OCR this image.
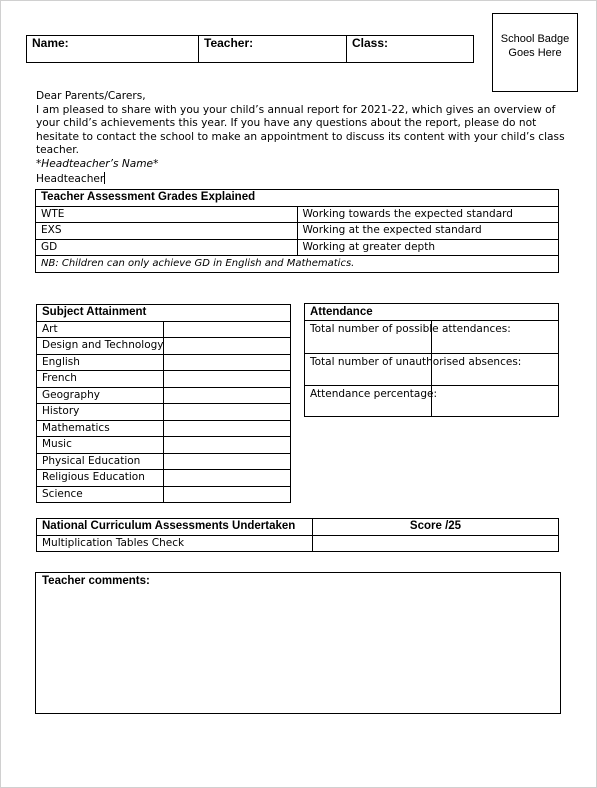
Name:	Teacher:	Class:	School Badge
Goes Here

Dear Parents/Carers,

I am pleased to share with you your child’s annual report for 2021-22, which gives an overview of your child’s achievements this year. If you have any questions about the report, please do not hesitate to contact the school to make an appointment to discuss its content with your child’s class teacher.

*Headteacher’s Name*

Headteacher

Teacher Assessment Grades Explained	
WTE	Working towards the expected standard
EXS	Working at the expected standard
GD	Working at greater depth
NB: Children can only achieve GD in English and Mathematics.	
Subject Attainment	
Art	
Design and Technology	
English	
French	
Geography	
History	
Mathematics	
Music	
Physical Education	
Religious Education	
Science	
Attendance	
Total number of possible attendances:	
Total number of unauthorised absences:	
Attendance percentage:	
National Curriculum Assessments Undertaken	Score /25
Multiplication Tables Check	
Teacher comments:
